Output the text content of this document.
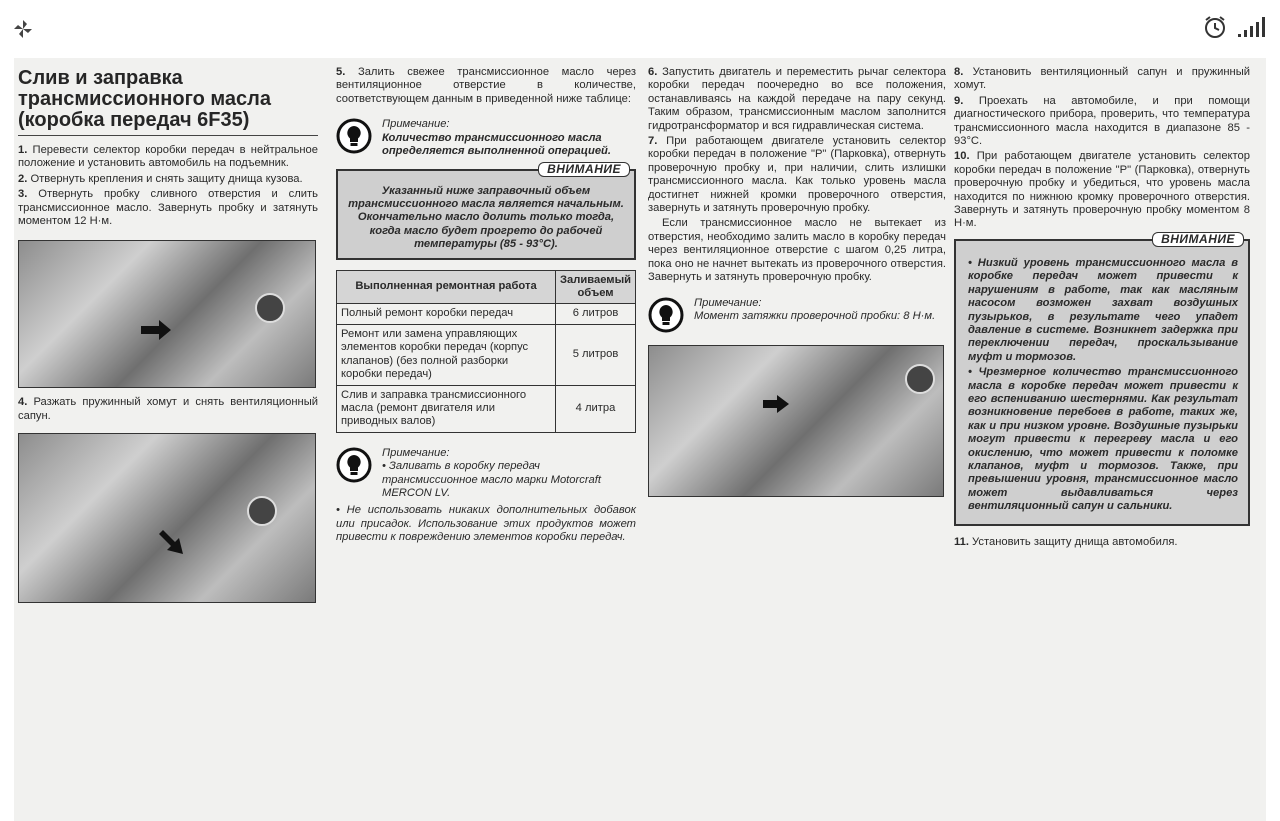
Слив и заправка трансмиссионного масла (коробка передач 6F35)

1. Перевести селектор коробки передач в нейтральное положение и установить автомобиль на подъемник.

2. Отвернуть крепления и снять защиту днища кузова.

3. Отвернуть пробку сливного отверстия и слить трансмиссионное масло. Завернуть пробку и затянуть моментом 12 Н·м.

4. Разжать пружинный хомут и снять вентиляционный сапун.

5. Залить свежее трансмиссионное масло через вентиляционное отверстие в количестве, соответствующем данным в приведенной ниже таблице:

Примечание:
Количество трансмиссионного масла определяется выполненной операцией.
ВНИМАНИЕ
Указанный ниже заправочный объем трансмиссионного масла является начальным. Окончательно масло долить только тогда, когда масло будет прогрето до рабочей температуры (85 - 93°С).
Выполненная ремонтная работа	Заливаемый объем
Полный ремонт коробки передач	6 литров
Ремонт или замена управляющих элементов коробки передач (корпус клапанов) (без полной разборки коробки передач)	5 литров
Слив и заправка трансмиссионного масла (ремонт двигателя или приводных валов)	4 литра
Примечание:
• Заливать в коробку передач трансмиссионное масло марки Motorcraft MERCON LV.

• Не использовать никаких дополнительных добавок или присадок. Использование этих продуктов может привести к повреждению элементов коробки передач.

6. Запустить двигатель и переместить рычаг селектора коробки передач поочередно во все положения, останавливаясь на каждой передаче на пару секунд. Таким образом, трансмиссионным маслом заполнится гидротрансформатор и вся гидравлическая система.

7. При работающем двигателе установить селектор коробки передач в положение "Р" (Парковка), отвернуть проверочную пробку и, при наличии, слить излишки трансмиссионного масла. Как только уровень масла достигнет нижней кромки проверочного отверстия, завернуть и затянуть проверочную пробку.

Если трансмиссионное масло не вытекает из отверстия, необходимо залить масло в коробку передач через вентиляционное отверстие с шагом 0,25 литра, пока оно не начнет вытекать из проверочного отверстия. Завернуть и затянуть проверочную пробку.

Примечание:
Момент затяжки проверочной пробки: 8 Н·м.

8. Установить вентиляционный сапун и пружинный хомут.

9. Проехать на автомобиле, и при помощи диагностического прибора, проверить, что температура трансмиссионного масла находится в диапазоне 85 - 93°С.

10. При работающем двигателе установить селектор коробки передач в положение "Р" (Парковка), отвернуть проверочную пробку и убедиться, что уровень масла находится по нижнюю кромку проверочного отверстия. Завернуть и затянуть проверочную пробку моментом 8 Н·м.

ВНИМАНИЕ

• Низкий уровень трансмиссионного масла в коробке передач может привести к нарушениям в работе, так как масляным насосом возможен захват воздушных пузырьков, в результате чего упадет давление в системе. Возникнет задержка при переключении передач, проскальзывание муфт и тормозов.

• Чрезмерное количество трансмиссионного масла в коробке передач может привести к его вспениванию шестернями. Как результат возникновение перебоев в работе, таких же, как и при низком уровне. Воздушные пузырьки могут привести к перегреву масла и его окислению, что может привести к поломке клапанов, муфт и тормозов. Также, при превышении уровня, трансмиссионное масло может выдавливаться через вентиляционный сапун и сальники.

11. Установить защиту днища автомобиля.
